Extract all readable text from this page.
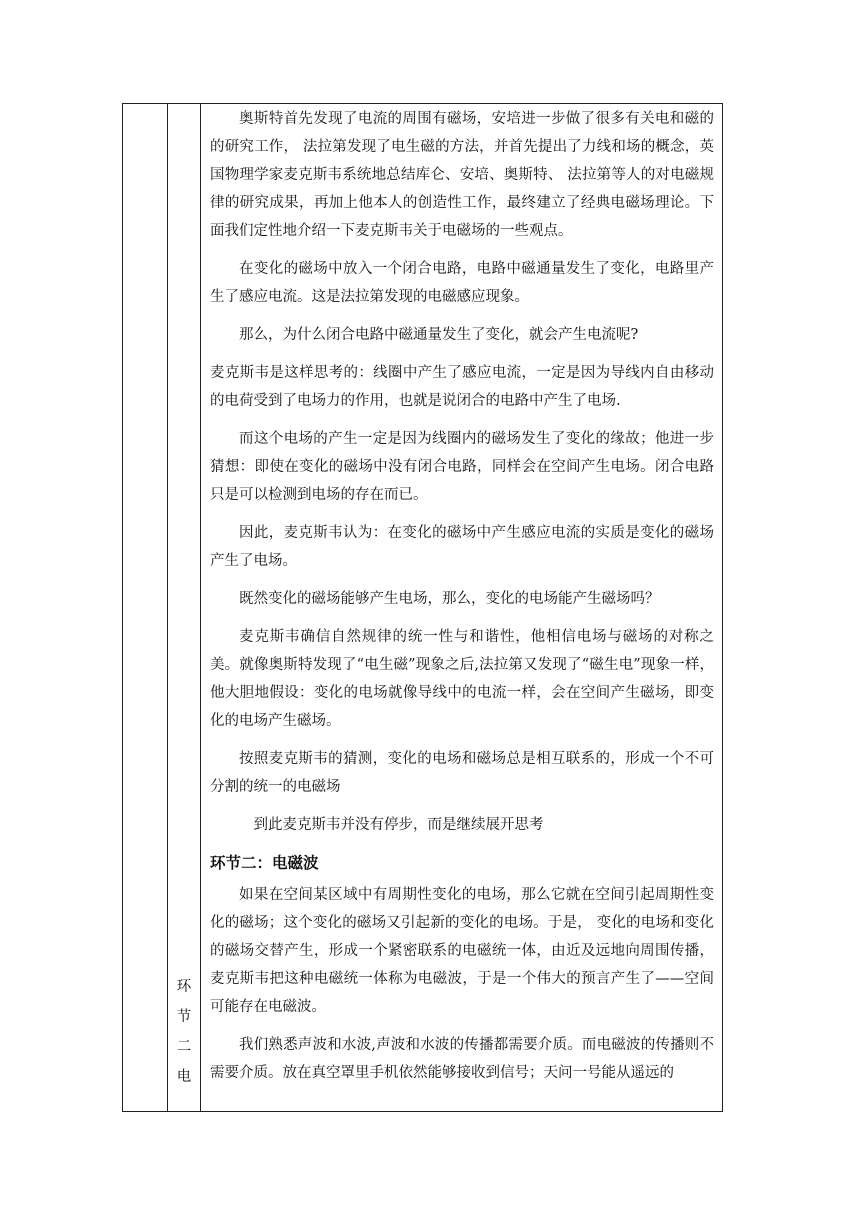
环
节
二
电

奥斯特首先发现了电流的周围有磁场，安培进一步做了很多有关电和磁的的研究工作， 法拉第发现了电生磁的方法，并首先提出了力线和场的概念，英国物理学家麦克斯韦系统地总结库仑、安培、奥斯特、 法拉第等人的对电磁规律的研究成果，再加上他本人的创造性工作，最终建立了经典电磁场理论。下面我们定性地介绍一下麦克斯韦关于电磁场的一些观点。

在变化的磁场中放入一个闭合电路，电路中磁通量发生了变化，电路里产生了感应电流。这是法拉第发现的电磁感应现象。

那么，为什么闭合电路中磁通量发生了变化，就会产生电流呢?

麦克斯韦是这样思考的：线圈中产生了感应电流，一定是因为导线内自由移动的电荷受到了电场力的作用，也就是说闭合的电路中产生了电场.

而这个电场的产生一定是因为线圈内的磁场发生了变化的缘故；他进一步猜想：即使在变化的磁场中没有闭合电路，同样会在空间产生电场。闭合电路只是可以检测到电场的存在而已。

因此，麦克斯韦认为：在变化的磁场中产生感应电流的实质是变化的磁场产生了电场。

既然变化的磁场能够产生电场，那么，变化的电场能产生磁场吗？

麦克斯韦确信自然规律的统一性与和谐性，他相信电场与磁场的对称之美。就像奥斯特发现了“电生磁”现象之后,法拉第又发现了“磁生电”现象一样，他大胆地假设：变化的电场就像导线中的电流一样，会在空间产生磁场，即变化的电场产生磁场。

按照麦克斯韦的猜测，变化的电场和磁场总是相互联系的，形成一个不可分割的统一的电磁场

到此麦克斯韦并没有停步，而是继续展开思考

环节二：电磁波

如果在空间某区域中有周期性变化的电场，那么它就在空间引起周期性变化的磁场；这个变化的磁场又引起新的变化的电场。于是， 变化的电场和变化的磁场交替产生，形成一个紧密联系的电磁统一体，由近及远地向周围传播，麦克斯韦把这种电磁统一体称为电磁波，于是一个伟大的预言产生了——空间可能存在电磁波。

我们熟悉声波和水波,声波和水波的传播都需要介质。而电磁波的传播则不需要介质。放在真空罩里手机依然能够接收到信号；天问一号能从遥远的
